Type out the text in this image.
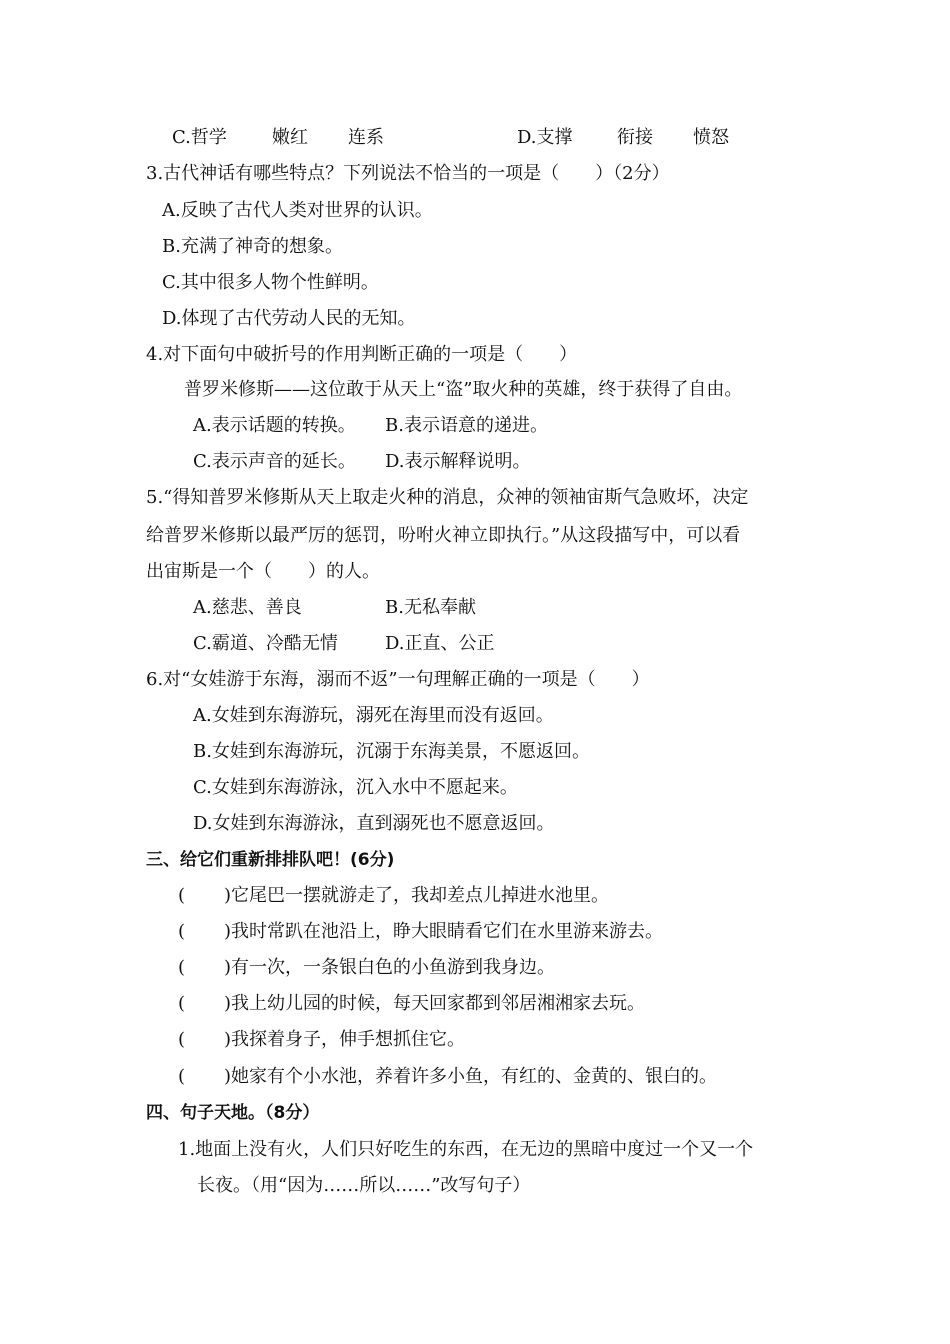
C.哲学	嫩红 连系	D.支撑 衔接 愤怒
3.古代神话有哪些特点？下列说法不恰当的一项是（　　）（2分）
A.反映了古代人类对世界的认识。
B.充满了神奇的想象。
C.其中很多人物个性鲜明。
D.体现了古代劳动人民的无知。
4.对下面句中破折号的作用判断正确的一项是（　　）
普罗米修斯——这位敢于从天上“盗”取火种的英雄，终于获得了自由。
A.表示话题的转换。 B.表示语意的递进。
C.表示声音的延长。 D.表示解释说明。
5.“得知普罗米修斯从天上取走火种的消息，众神的领袖宙斯气急败坏，决定
给普罗米修斯以最严厉的惩罚，吩咐火神立即执行。”从这段描写中，可以看
出宙斯是一个（　　）的人。
A.慈悲、善良	B.无私奉献
C.霸道、冷酷无情	D.正直、公正
6.对“女娃游于东海，溺而不返”一句理解正确的一项是（　　）
A.女娃到东海游玩，溺死在海里而没有返回。
B.女娃到东海游玩，沉溺于东海美景，不愿返回。
C.女娃到东海游泳，沉入水中不愿起来。
D.女娃到东海游泳，直到溺死也不愿意返回。
三、给它们重新排排队吧！(6分)
( )它尾巴一摆就游走了，我却差点儿掉进水池里。
( )我时常趴在池沿上，睁大眼睛看它们在水里游来游去。
( )有一次，一条银白色的小鱼游到我身边。
( )我上幼儿园的时候，每天回家都到邻居湘湘家去玩。
( )我探着身子，伸手想抓住它。
( )她家有个小水池，养着许多小鱼，有红的、金黄的、银白的。
四、句子天地。（8分）
1.地面上没有火，人们只好吃生的东西，在无边的黑暗中度过一个又一个
长夜。（用“因为……所以……”改写句子）
